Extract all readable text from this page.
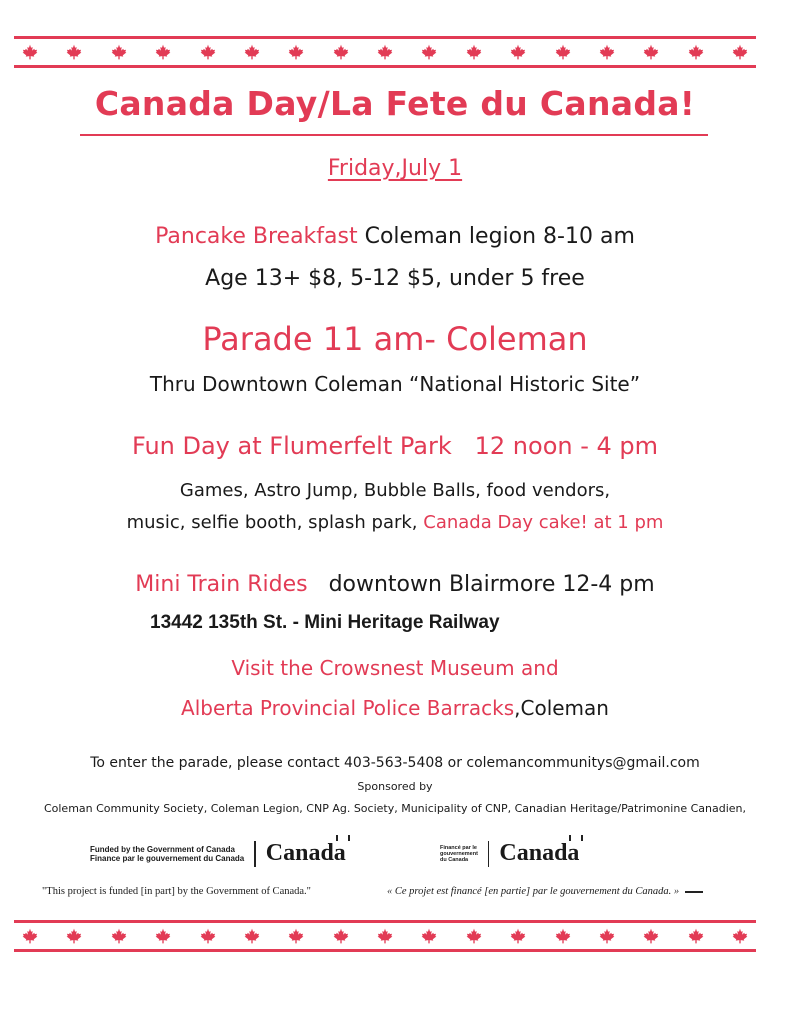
Canada Day/La Fete du Canada!
Friday,July 1
Pancake Breakfast Coleman legion 8-10 am
Age 13+ $8, 5-12 $5, under 5 free
Parade 11 am- Coleman
Thru Downtown Coleman “National Historic Site”
Fun Day at Flumerfelt Park 12 noon - 4 pm
Games, Astro Jump, Bubble Balls, food vendors,
music, selfie booth, splash park, Canada Day cake! at 1 pm
Mini Train Rides downtown Blairmore 12-4 pm
13442 135th St. - Mini Heritage Railway
Visit the Crowsnest Museum and
Alberta Provincial Police Barracks,Coleman
To enter the parade, please contact 403-563-5408 or colemancommunitys@gmail.com
Sponsored by
Coleman Community Society, Coleman Legion, CNP Ag. Society, Municipality of CNP, Canadian Heritage/Patrimonine Canadien,
Funded by the Government of Canada
Finance par le gouvernement du Canada Canada	Financé par le
gouvernement
du Canada	Canada
"This project is funded [in part] by the Government of Canada."	« Ce projet est financé [en partie] par le gouvernement du Canada. »
